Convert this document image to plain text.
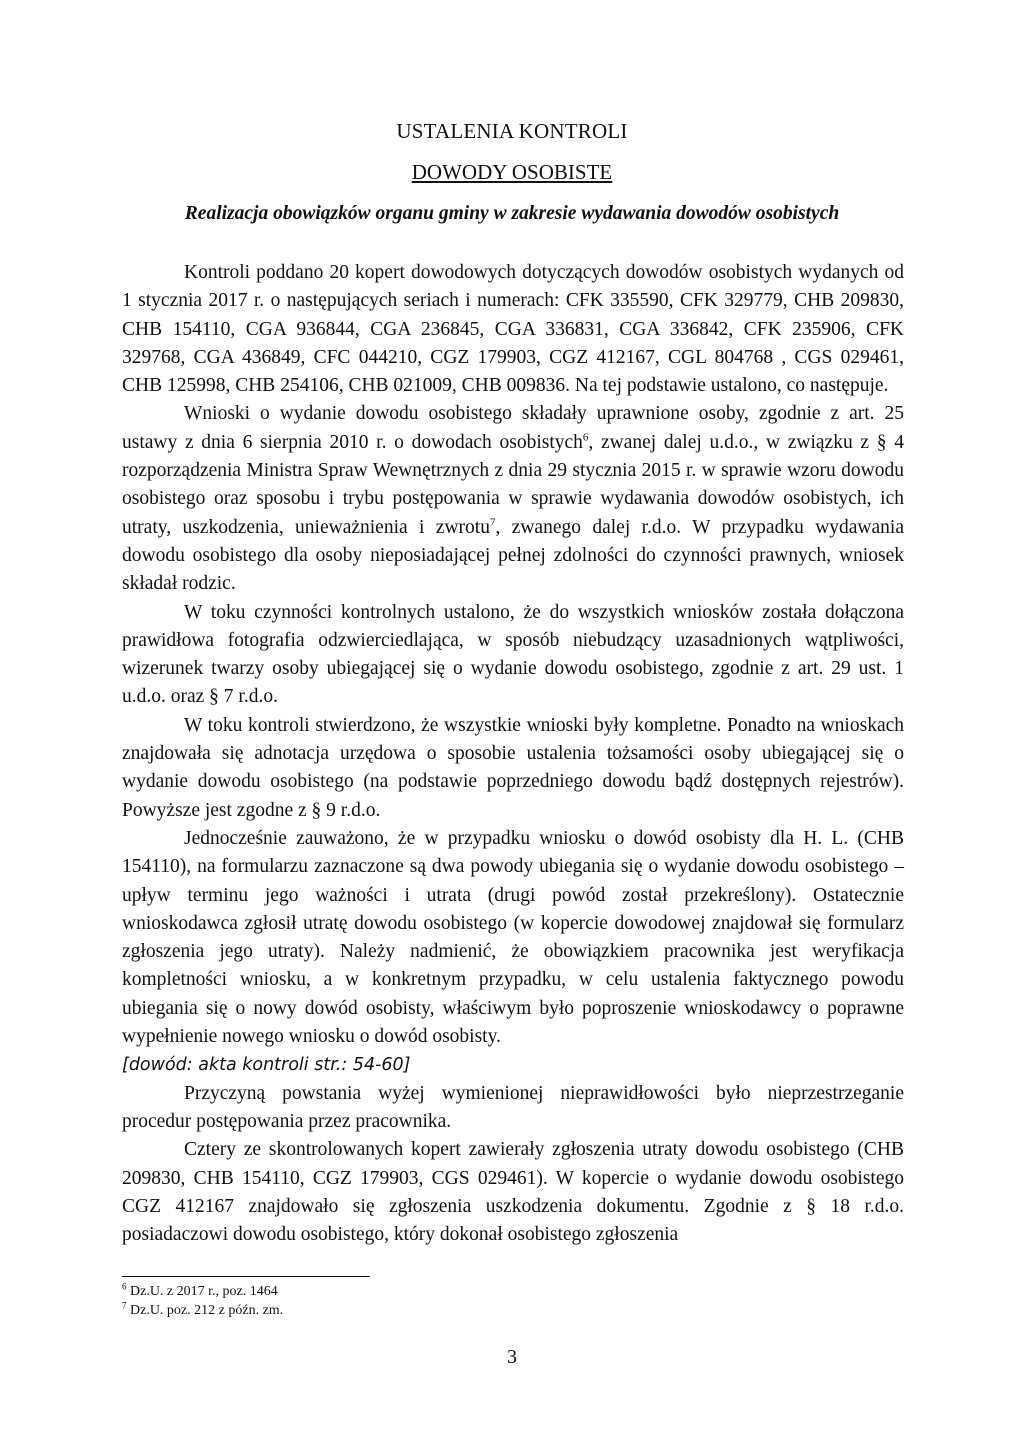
USTALENIA KONTROLI
DOWODY OSOBISTE
Realizacja obowiązków organu gminy w zakresie wydawania dowodów osobistych

Kontroli poddano 20 kopert dowodowych dotyczących dowodów osobistych wydanych od 1 stycznia 2017 r. o następujących seriach i numerach: CFK 335590, CFK 329779, CHB 209830, CHB 154110, CGA 936844, CGA 236845, CGA 336831, CGA 336842, CFK 235906, CFK 329768, CGA 436849, CFC 044210, CGZ 179903, CGZ 412167, CGL 804768 , CGS 029461, CHB 125998, CHB 254106, CHB 021009, CHB 009836. Na tej podstawie ustalono, co następuje.

Wnioski o wydanie dowodu osobistego składały uprawnione osoby, zgodnie z art. 25 ustawy z dnia 6 sierpnia 2010 r. o dowodach osobistych$^6$, zwanej dalej u.d.o., w związku z § 4 rozporządzenia Ministra Spraw Wewnętrznych z dnia 29 stycznia 2015 r. w sprawie wzoru dowodu osobistego oraz sposobu i trybu postępowania w sprawie wydawania dowodów osobistych, ich utraty, uszkodzenia, unieważnienia i zwrotu$^7$, zwanego dalej r.d.o. W przypadku wydawania dowodu osobistego dla osoby nieposiadającej pełnej zdolności do czynności prawnych, wniosek składał rodzic.

W toku czynności kontrolnych ustalono, że do wszystkich wniosków została dołączona prawidłowa fotografia odzwierciedlająca, w sposób niebudzący uzasadnionych wątpliwości, wizerunek twarzy osoby ubiegającej się o wydanie dowodu osobistego, zgodnie z art. 29 ust. 1 u.d.o. oraz § 7 r.d.o.

W toku kontroli stwierdzono, że wszystkie wnioski były kompletne. Ponadto na wnioskach znajdowała się adnotacja urzędowa o sposobie ustalenia tożsamości osoby ubiegającej się o wydanie dowodu osobistego (na podstawie poprzedniego dowodu bądź dostępnych rejestrów). Powyższe jest zgodne z § 9 r.d.o.

Jednocześnie zauważono, że w przypadku wniosku o dowód osobisty dla H. L. (CHB 154110), na formularzu zaznaczone są dwa powody ubiegania się o wydanie dowodu osobistego – upływ terminu jego ważności i utrata (drugi powód został przekreślony). Ostatecznie wnioskodawca zgłosił utratę dowodu osobistego (w kopercie dowodowej znajdował się formularz zgłoszenia jego utraty). Należy nadmienić, że obowiązkiem pracownika jest weryfikacja kompletności wniosku, a w konkretnym przypadku, w celu ustalenia faktycznego powodu ubiegania się o nowy dowód osobisty, właściwym było poproszenie wnioskodawcy o poprawne wypełnienie nowego wniosku o dowód osobisty.

[dowód: akta kontroli str.: 54-60]

Przyczyną powstania wyżej wymienionej nieprawidłowości było nieprzestrzeganie procedur postępowania przez pracownika.

Cztery ze skontrolowanych kopert zawierały zgłoszenia utraty dowodu osobistego (CHB 209830, CHB 154110, CGZ 179903, CGS 029461). W kopercie o wydanie dowodu osobistego CGZ 412167 znajdowało się zgłoszenia uszkodzenia dokumentu. Zgodnie z § 18 r.d.o. posiadaczowi dowodu osobistego, który dokonał osobistego zgłoszenia

$^6$ Dz.U. z 2017 r., poz. 1464

$^7$ Dz.U. poz. 212 z późn. zm.

3
